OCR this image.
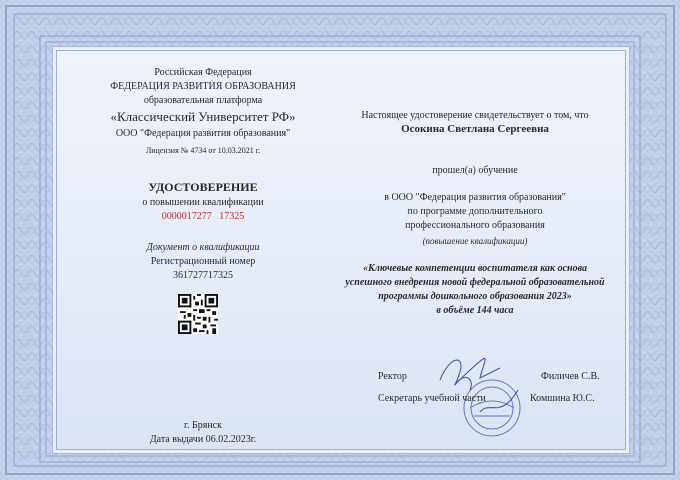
Российская Федерация
ФЕДЕРАЦИЯ РАЗВИТИЯ ОБРАЗОВАНИЯ
образовательная платформа
«Классический Университет РФ»
ООО "Федерация развития образования"
Лицензия № 4734 от 10.03.2021 г.
УДОСТОВЕРЕНИЕ
о повышении квалификации
0000017277   17325
Документ о квалификации
Регистрационный номер
361727717325
г. Брянск
Дата выдачи 06.02.2023г.
Настоящее удостоверение свидетельствует о том, что
Осокина Светлана Сергеевна
прошел(а) обучение
в ООО "Федерация развития образования"
по программе дополнительного
профессионального образования
(повышение квалификации)
«Ключевые компетенции воспитателя как основа
успешного внедрения новой федеральной образовательной
программы дошкольного образования 2023»
в объёме 144 часа
Ректор	Филичев С.В.
Секретарь учебной части	Комшина Ю.С.
